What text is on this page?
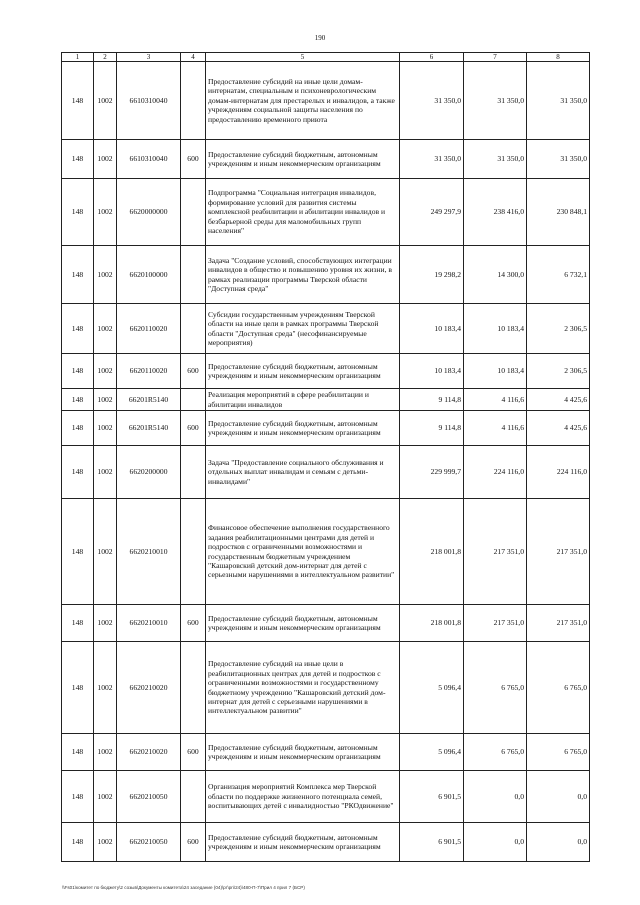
190
1	2	3	4	5	6	7	8
148	1002	6610310040		Предоставление субсидий на иные цели домам-интернатам, специальным и психоневрологическим домам-интернатам для престарелых и инвалидов, а также учреждениям социальной защиты населения по предоставлению временного приюта	31 350,0	31 350,0	31 350,0
148	1002	6610310040	600	Предоставление субсидий бюджетным, автономным учреждениям и иным некоммерческим организациям	31 350,0	31 350,0	31 350,0
148	1002	6620000000		Подпрограмма "Социальная интеграция инвалидов, формирование условий для развития системы комплексной реабилитации и абилитации инвалидов и безбарьерной среды для маломобильных групп населения"	249 297,9	238 416,0	230 848,1
148	1002	6620100000		Задача "Создание условий, способствующих интеграции инвалидов в общество и повышению уровня их жизни, в рамках реализации программы Тверской области "Доступная среда"	19 298,2	14 300,0	6 732,1
148	1002	6620110020		Субсидии государственным учреждениям Тверской области на иные цели в рамках программы Тверской области "Доступная среда" (несофинансируемые мероприятия)	10 183,4	10 183,4	2 306,5
148	1002	6620110020	600	Предоставление субсидий бюджетным, автономным учреждениям и иным некоммерческим организациям	10 183,4	10 183,4	2 306,5
148	1002	66201R5140		Реализация мероприятий в сфере реабилитации и абилитации инвалидов	9 114,8	4 116,6	4 425,6
148	1002	66201R5140	600	Предоставление субсидий бюджетным, автономным учреждениям и иным некоммерческим организациям	9 114,8	4 116,6	4 425,6
148	1002	6620200000		Задача "Предоставление социального обслуживания и отдельных выплат инвалидам и семьям с детьми-инвалидами"	229 999,7	224 116,0	224 116,0
148	1002	6620210010		Финансовое обеспечение выполнения государственного задания реабилитационными центрами для детей и подростков с ограниченными возможностями и государственным бюджетным учреждением "Кашаровский детский дом-интернат для детей с серьезными нарушениями в интеллектуальном развитии"	218 001,8	217 351,0	217 351,0
148	1002	6620210010	600	Предоставление субсидий бюджетным, автономным учреждениям и иным некоммерческим организациям	218 001,8	217 351,0	217 351,0
148	1002	6620210020		Предоставление субсидий на иные цели в реабилитационных центрах для детей и подростков с ограниченными возможностями и государственному бюджетному учреждению "Кашаровский детский дом-интернат для детей с серьезными нарушениями в интеллектуальном развитии"	5 096,4	6 765,0	6 765,0
148	1002	6620210020	600	Предоставление субсидий бюджетным, автономным учреждениям и иным некоммерческим организациям	5 096,4	6 765,0	6 765,0
148	1002	6620210050		Организация мероприятий Комплекса мер Тверской области по поддержке жизненного потенциала семей, воспитывающих детей с инвалидностью "РКОдвижение"	6 901,5	0,0	0,0
148	1002	6620210050	600	Предоставление субсидий бюджетным, автономным учреждениям и иным некоммерческим организациям	6 901,5	0,0	0,0
\\Fs01\комитет по бюджету\2 созыв\Документы комитета\24 заседание (04)\рг\рп\24)\480-П-7\Прил 4 прил 7 (БСР)
